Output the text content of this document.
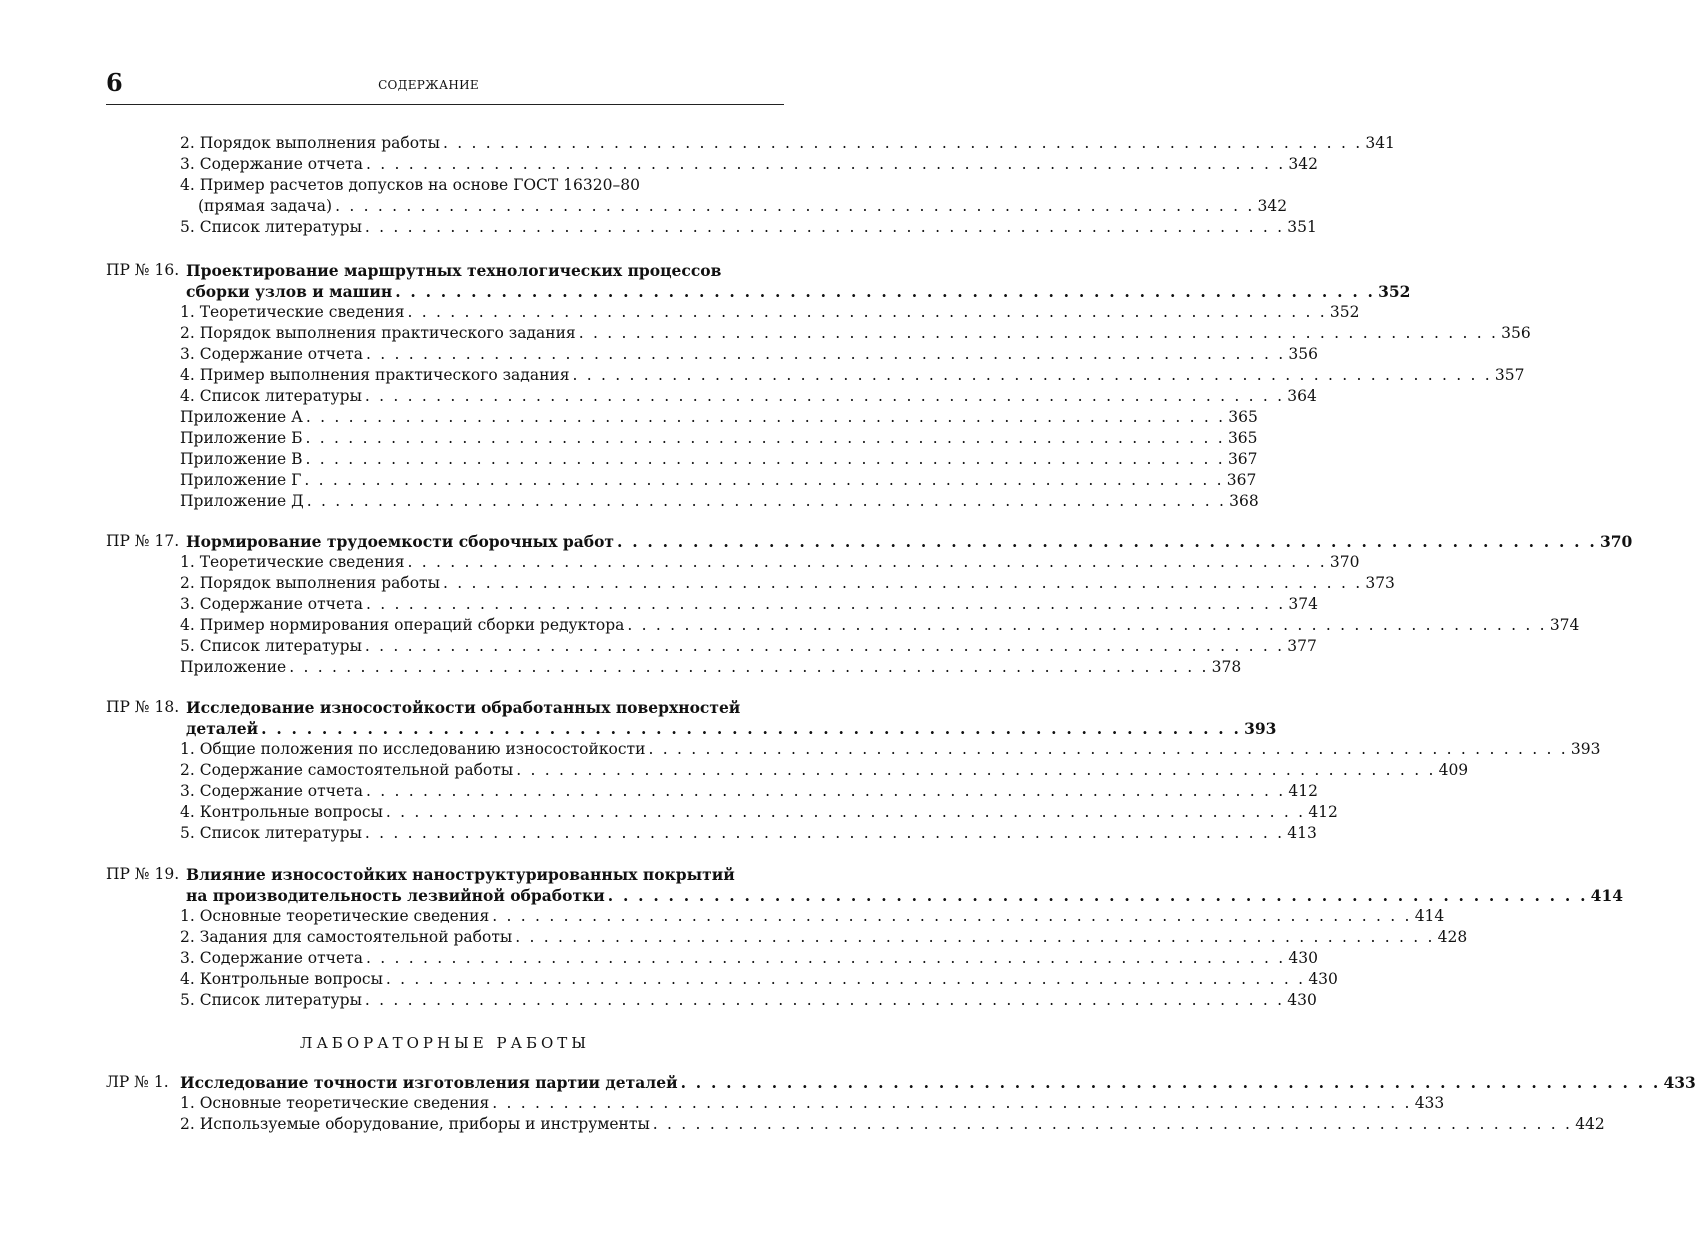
6	СОДЕРЖАНИЕ
2. Порядок выполнения работы . . . . . . . . . . . . . . . . . . . . . . . . . . . . . . . . . . . . . . . . . . . . . . . . . . . . . . . . . . . . . . . . . 341
3. Содержание отчета . . . . . . . . . . . . . . . . . . . . . . . . . . . . . . . . . . . . . . . . . . . . . . . . . . . . . . . . . . . . . . . . . 342
4. Пример расчетов допусков на основе ГОСТ 16320–80
(прямая задача) . . . . . . . . . . . . . . . . . . . . . . . . . . . . . . . . . . . . . . . . . . . . . . . . . . . . . . . . . . . . . . . . . 342
5. Список литературы . . . . . . . . . . . . . . . . . . . . . . . . . . . . . . . . . . . . . . . . . . . . . . . . . . . . . . . . . . . . . . . . . 351
ПР № 16. Проектирование маршрутных технологических процессов
сборки узлов и машин . . . . . . . . . . . . . . . . . . . . . . . . . . . . . . . . . . . . . . . . . . . . . . . . . . . . . . . . . . . . . . . . . 352
1. Теоретические сведения . . . . . . . . . . . . . . . . . . . . . . . . . . . . . . . . . . . . . . . . . . . . . . . . . . . . . . . . . . . . . . . . . 352
2. Порядок выполнения практического задания . . . . . . . . . . . . . . . . . . . . . . . . . . . . . . . . . . . . . . . . . . . . . . . . . . . . . . . . . . . . . . . . . 356
3. Содержание отчета . . . . . . . . . . . . . . . . . . . . . . . . . . . . . . . . . . . . . . . . . . . . . . . . . . . . . . . . . . . . . . . . . 356
4. Пример выполнения практического задания . . . . . . . . . . . . . . . . . . . . . . . . . . . . . . . . . . . . . . . . . . . . . . . . . . . . . . . . . . . . . . . . . 357
4. Список литературы . . . . . . . . . . . . . . . . . . . . . . . . . . . . . . . . . . . . . . . . . . . . . . . . . . . . . . . . . . . . . . . . . 364
Приложение А . . . . . . . . . . . . . . . . . . . . . . . . . . . . . . . . . . . . . . . . . . . . . . . . . . . . . . . . . . . . . . . . . 365
Приложение Б . . . . . . . . . . . . . . . . . . . . . . . . . . . . . . . . . . . . . . . . . . . . . . . . . . . . . . . . . . . . . . . . . 365
Приложение В . . . . . . . . . . . . . . . . . . . . . . . . . . . . . . . . . . . . . . . . . . . . . . . . . . . . . . . . . . . . . . . . . 367
Приложение Г . . . . . . . . . . . . . . . . . . . . . . . . . . . . . . . . . . . . . . . . . . . . . . . . . . . . . . . . . . . . . . . . . 367
Приложение Д . . . . . . . . . . . . . . . . . . . . . . . . . . . . . . . . . . . . . . . . . . . . . . . . . . . . . . . . . . . . . . . . . 368
ПР № 17. Нормирование трудоемкости сборочных работ . . . . . . . . . . . . . . . . . . . . . . . . . . . . . . . . . . . . . . . . . . . . . . . . . . . . . . . . . . . . . . . . . 370
1. Теоретические сведения . . . . . . . . . . . . . . . . . . . . . . . . . . . . . . . . . . . . . . . . . . . . . . . . . . . . . . . . . . . . . . . . . 370
2. Порядок выполнения работы . . . . . . . . . . . . . . . . . . . . . . . . . . . . . . . . . . . . . . . . . . . . . . . . . . . . . . . . . . . . . . . . . 373
3. Содержание отчета . . . . . . . . . . . . . . . . . . . . . . . . . . . . . . . . . . . . . . . . . . . . . . . . . . . . . . . . . . . . . . . . . 374
4. Пример нормирования операций сборки редуктора . . . . . . . . . . . . . . . . . . . . . . . . . . . . . . . . . . . . . . . . . . . . . . . . . . . . . . . . . . . . . . . . . 374
5. Список литературы . . . . . . . . . . . . . . . . . . . . . . . . . . . . . . . . . . . . . . . . . . . . . . . . . . . . . . . . . . . . . . . . . 377
Приложение . . . . . . . . . . . . . . . . . . . . . . . . . . . . . . . . . . . . . . . . . . . . . . . . . . . . . . . . . . . . . . . . . 378
ПР № 18. Исследование износостойкости обработанных поверхностей
деталей . . . . . . . . . . . . . . . . . . . . . . . . . . . . . . . . . . . . . . . . . . . . . . . . . . . . . . . . . . . . . . . . . 393
1. Общие положения по исследованию износостойкости . . . . . . . . . . . . . . . . . . . . . . . . . . . . . . . . . . . . . . . . . . . . . . . . . . . . . . . . . . . . . . . . . 393
2. Содержание самостоятельной работы . . . . . . . . . . . . . . . . . . . . . . . . . . . . . . . . . . . . . . . . . . . . . . . . . . . . . . . . . . . . . . . . . 409
3. Содержание отчета . . . . . . . . . . . . . . . . . . . . . . . . . . . . . . . . . . . . . . . . . . . . . . . . . . . . . . . . . . . . . . . . . 412
4. Контрольные вопросы . . . . . . . . . . . . . . . . . . . . . . . . . . . . . . . . . . . . . . . . . . . . . . . . . . . . . . . . . . . . . . . . . 412
5. Список литературы . . . . . . . . . . . . . . . . . . . . . . . . . . . . . . . . . . . . . . . . . . . . . . . . . . . . . . . . . . . . . . . . . 413
ПР № 19. Влияние износостойких наноструктурированных покрытий
на производительность лезвийной обработки . . . . . . . . . . . . . . . . . . . . . . . . . . . . . . . . . . . . . . . . . . . . . . . . . . . . . . . . . . . . . . . . . 414
1. Основные теоретические сведения . . . . . . . . . . . . . . . . . . . . . . . . . . . . . . . . . . . . . . . . . . . . . . . . . . . . . . . . . . . . . . . . . 414
2. Задания для самостоятельной работы . . . . . . . . . . . . . . . . . . . . . . . . . . . . . . . . . . . . . . . . . . . . . . . . . . . . . . . . . . . . . . . . . 428
3. Содержание отчета . . . . . . . . . . . . . . . . . . . . . . . . . . . . . . . . . . . . . . . . . . . . . . . . . . . . . . . . . . . . . . . . . 430
4. Контрольные вопросы . . . . . . . . . . . . . . . . . . . . . . . . . . . . . . . . . . . . . . . . . . . . . . . . . . . . . . . . . . . . . . . . . 430
5. Список литературы . . . . . . . . . . . . . . . . . . . . . . . . . . . . . . . . . . . . . . . . . . . . . . . . . . . . . . . . . . . . . . . . . 430
ЛАБОРАТОРНЫЕ РАБОТЫ
ЛР № 1. Исследование точности изготовления партии деталей . . . . . . . . . . . . . . . . . . . . . . . . . . . . . . . . . . . . . . . . . . . . . . . . . . . . . . . . . . . . . . . . . 433
1. Основные теоретические сведения . . . . . . . . . . . . . . . . . . . . . . . . . . . . . . . . . . . . . . . . . . . . . . . . . . . . . . . . . . . . . . . . . 433
2. Используемые оборудование, приборы и инструменты . . . . . . . . . . . . . . . . . . . . . . . . . . . . . . . . . . . . . . . . . . . . . . . . . . . . . . . . . . . . . . . . . 442
